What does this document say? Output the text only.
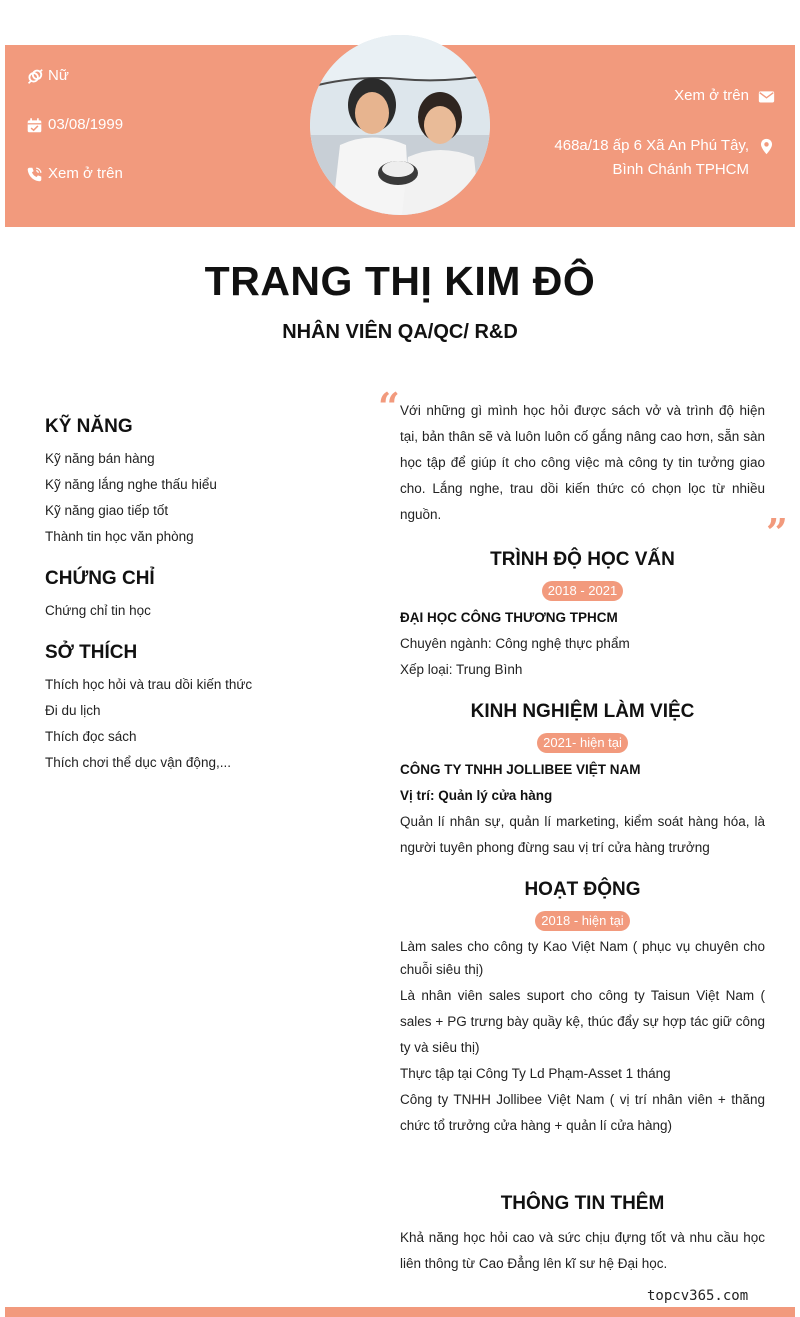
Nữ
03/08/1999
Xem ở trên
Xem ở trên
468a/18 ấp 6 Xã An Phú Tây,
Bình Chánh TPHCM
TRANG THỊ KIM ĐÔ
NHÂN VIÊN QA/QC/ R&D
KỸ NĂNG
Kỹ năng bán hàng
Kỹ năng lắng nghe thấu hiểu
Kỹ năng giao tiếp tốt
Thành tin học văn phòng
CHỨNG CHỈ
Chứng chỉ tin học
SỞ THÍCH
Thích học hỏi và trau dồi kiến thức
Đi du lịch
Thích đọc sách
Thích chơi thể dục vận động,...
“
”
Với những gì mình học hỏi được sách vở và trình độ hiện tại, bản thân sẽ và luôn luôn cố gắng nâng cao hơn, sẵn sàn học tập để giúp ít cho công việc mà công ty tin tưởng giao cho. Lắng nghe, trau dồi kiến thức có chọn lọc từ nhiều nguồn.
TRÌNH ĐỘ HỌC VẤN
2018 - 2021
ĐẠI HỌC CÔNG THƯƠNG TPHCM
Chuyên ngành: Công nghệ thực phẩm
Xếp loại: Trung Bình
KINH NGHIỆM LÀM VIỆC
2021- hiện tại
CÔNG TY TNHH JOLLIBEE VIỆT NAM
Vị trí: Quản lý cửa hàng
Quản lí nhân sự, quản lí marketing, kiểm soát hàng hóa, là người tuyên phong đừng sau vị trí cửa hàng trưởng
HOẠT ĐỘNG
2018 - hiện tại
Làm sales cho công ty Kao Việt Nam ( phục vụ chuyên cho chuỗi siêu thị)
Là nhân viên sales suport cho công ty Taisun Việt Nam ( sales + PG trưng bày quầy kệ, thúc đẩy sự hợp tác giữ công ty và siêu thị)
Thực tập tại Công Ty Ld Phạm-Asset 1 tháng
Công ty TNHH Jollibee Việt Nam ( vị trí nhân viên + thăng chức tổ trưởng cửa hàng + quản lí cửa hàng)
THÔNG TIN THÊM
Khả năng học hỏi cao và sức chịu đựng tốt và nhu cầu học liên thông từ Cao Đẳng lên kĩ sư hệ Đại học.
topcv365.com
